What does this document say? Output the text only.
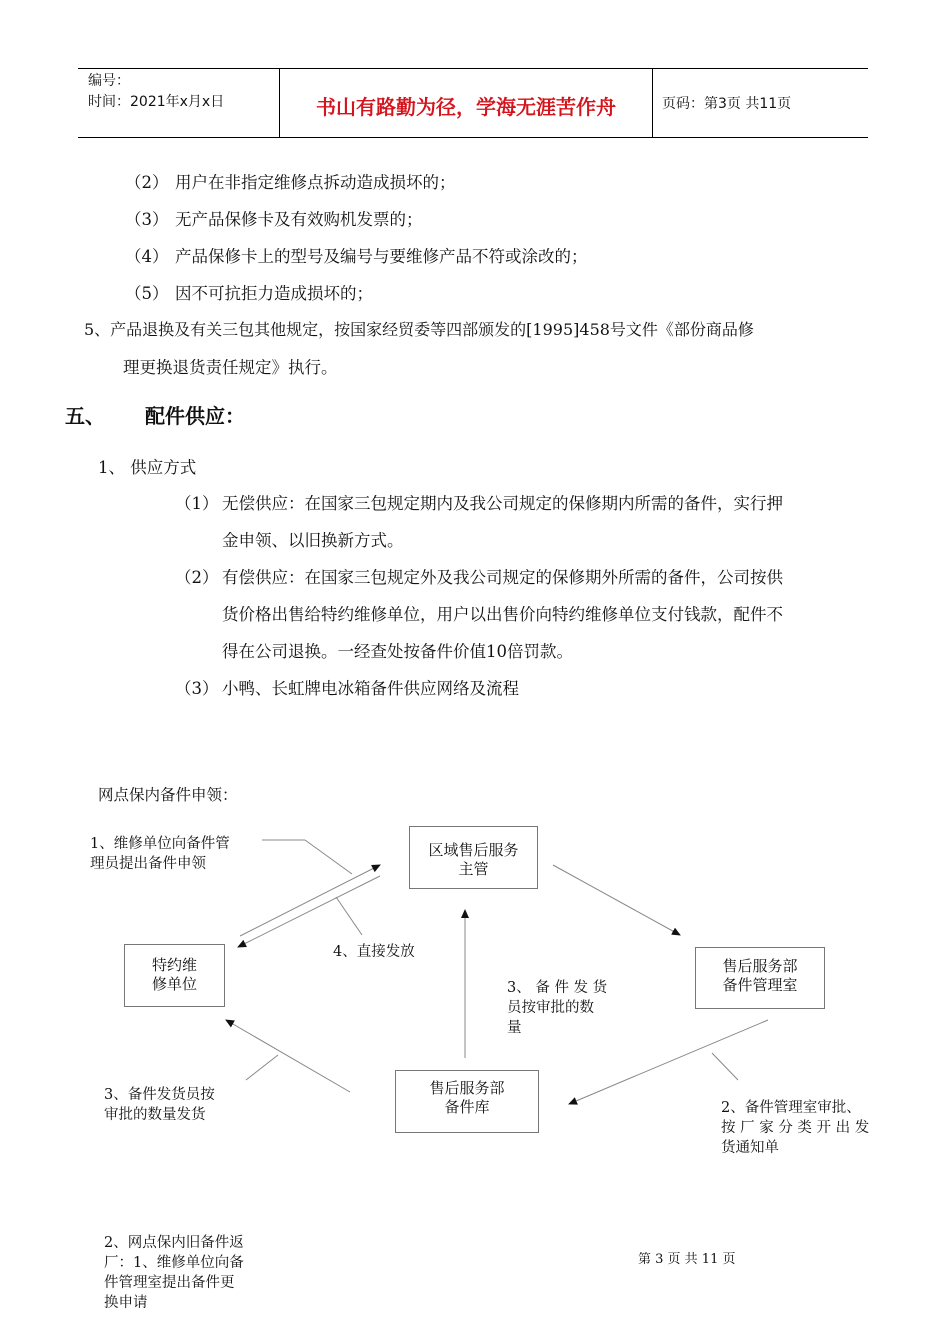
编号：
时间：2021年x月x日	书山有路勤为径，学海无涯苦作舟	页码：第3页 共11页
（2） 用户在非指定维修点拆动造成损坏的；
（3） 无产品保修卡及有效购机发票的；
（4） 产品保修卡上的型号及编号与要维修产品不符或涂改的；
（5） 因不可抗拒力造成损坏的；
5、产品退换及有关三包其他规定，按国家经贸委等四部颁发的[1995]458号文件《部份商品修
理更换退货责任规定》执行。
五、 配件供应：
1、 供应方式
（1） 无偿供应：在国家三包规定期内及我公司规定的保修期内所需的备件，实行押
金申领、以旧换新方式。
（2） 有偿供应：在国家三包规定外及我公司规定的保修期外所需的备件，公司按供
货价格出售给特约维修单位，用户以出售价向特约维修单位支付钱款，配件不
得在公司退换。一经查处按备件价值10倍罚款。
（3） 小鸭、长虹牌电冰箱备件供应网络及流程
网点保内备件申领：
区域售后服务
主管
特约维
修单位
售后服务部
备件管理室
售后服务部
备件库
1、维修单位向备件管
理员提出备件申领
4、直接发放
3、 备 件 发 货
员按审批的数
量
3、备件发货员按
审批的数量发货	2、备件管理室审批、
按 厂 家 分 类 开 出 发
货通知单
2、网点保内旧备件返
厂：1、维修单位向备
件管理室提出备件更
换申请
第 3 页 共 11 页
